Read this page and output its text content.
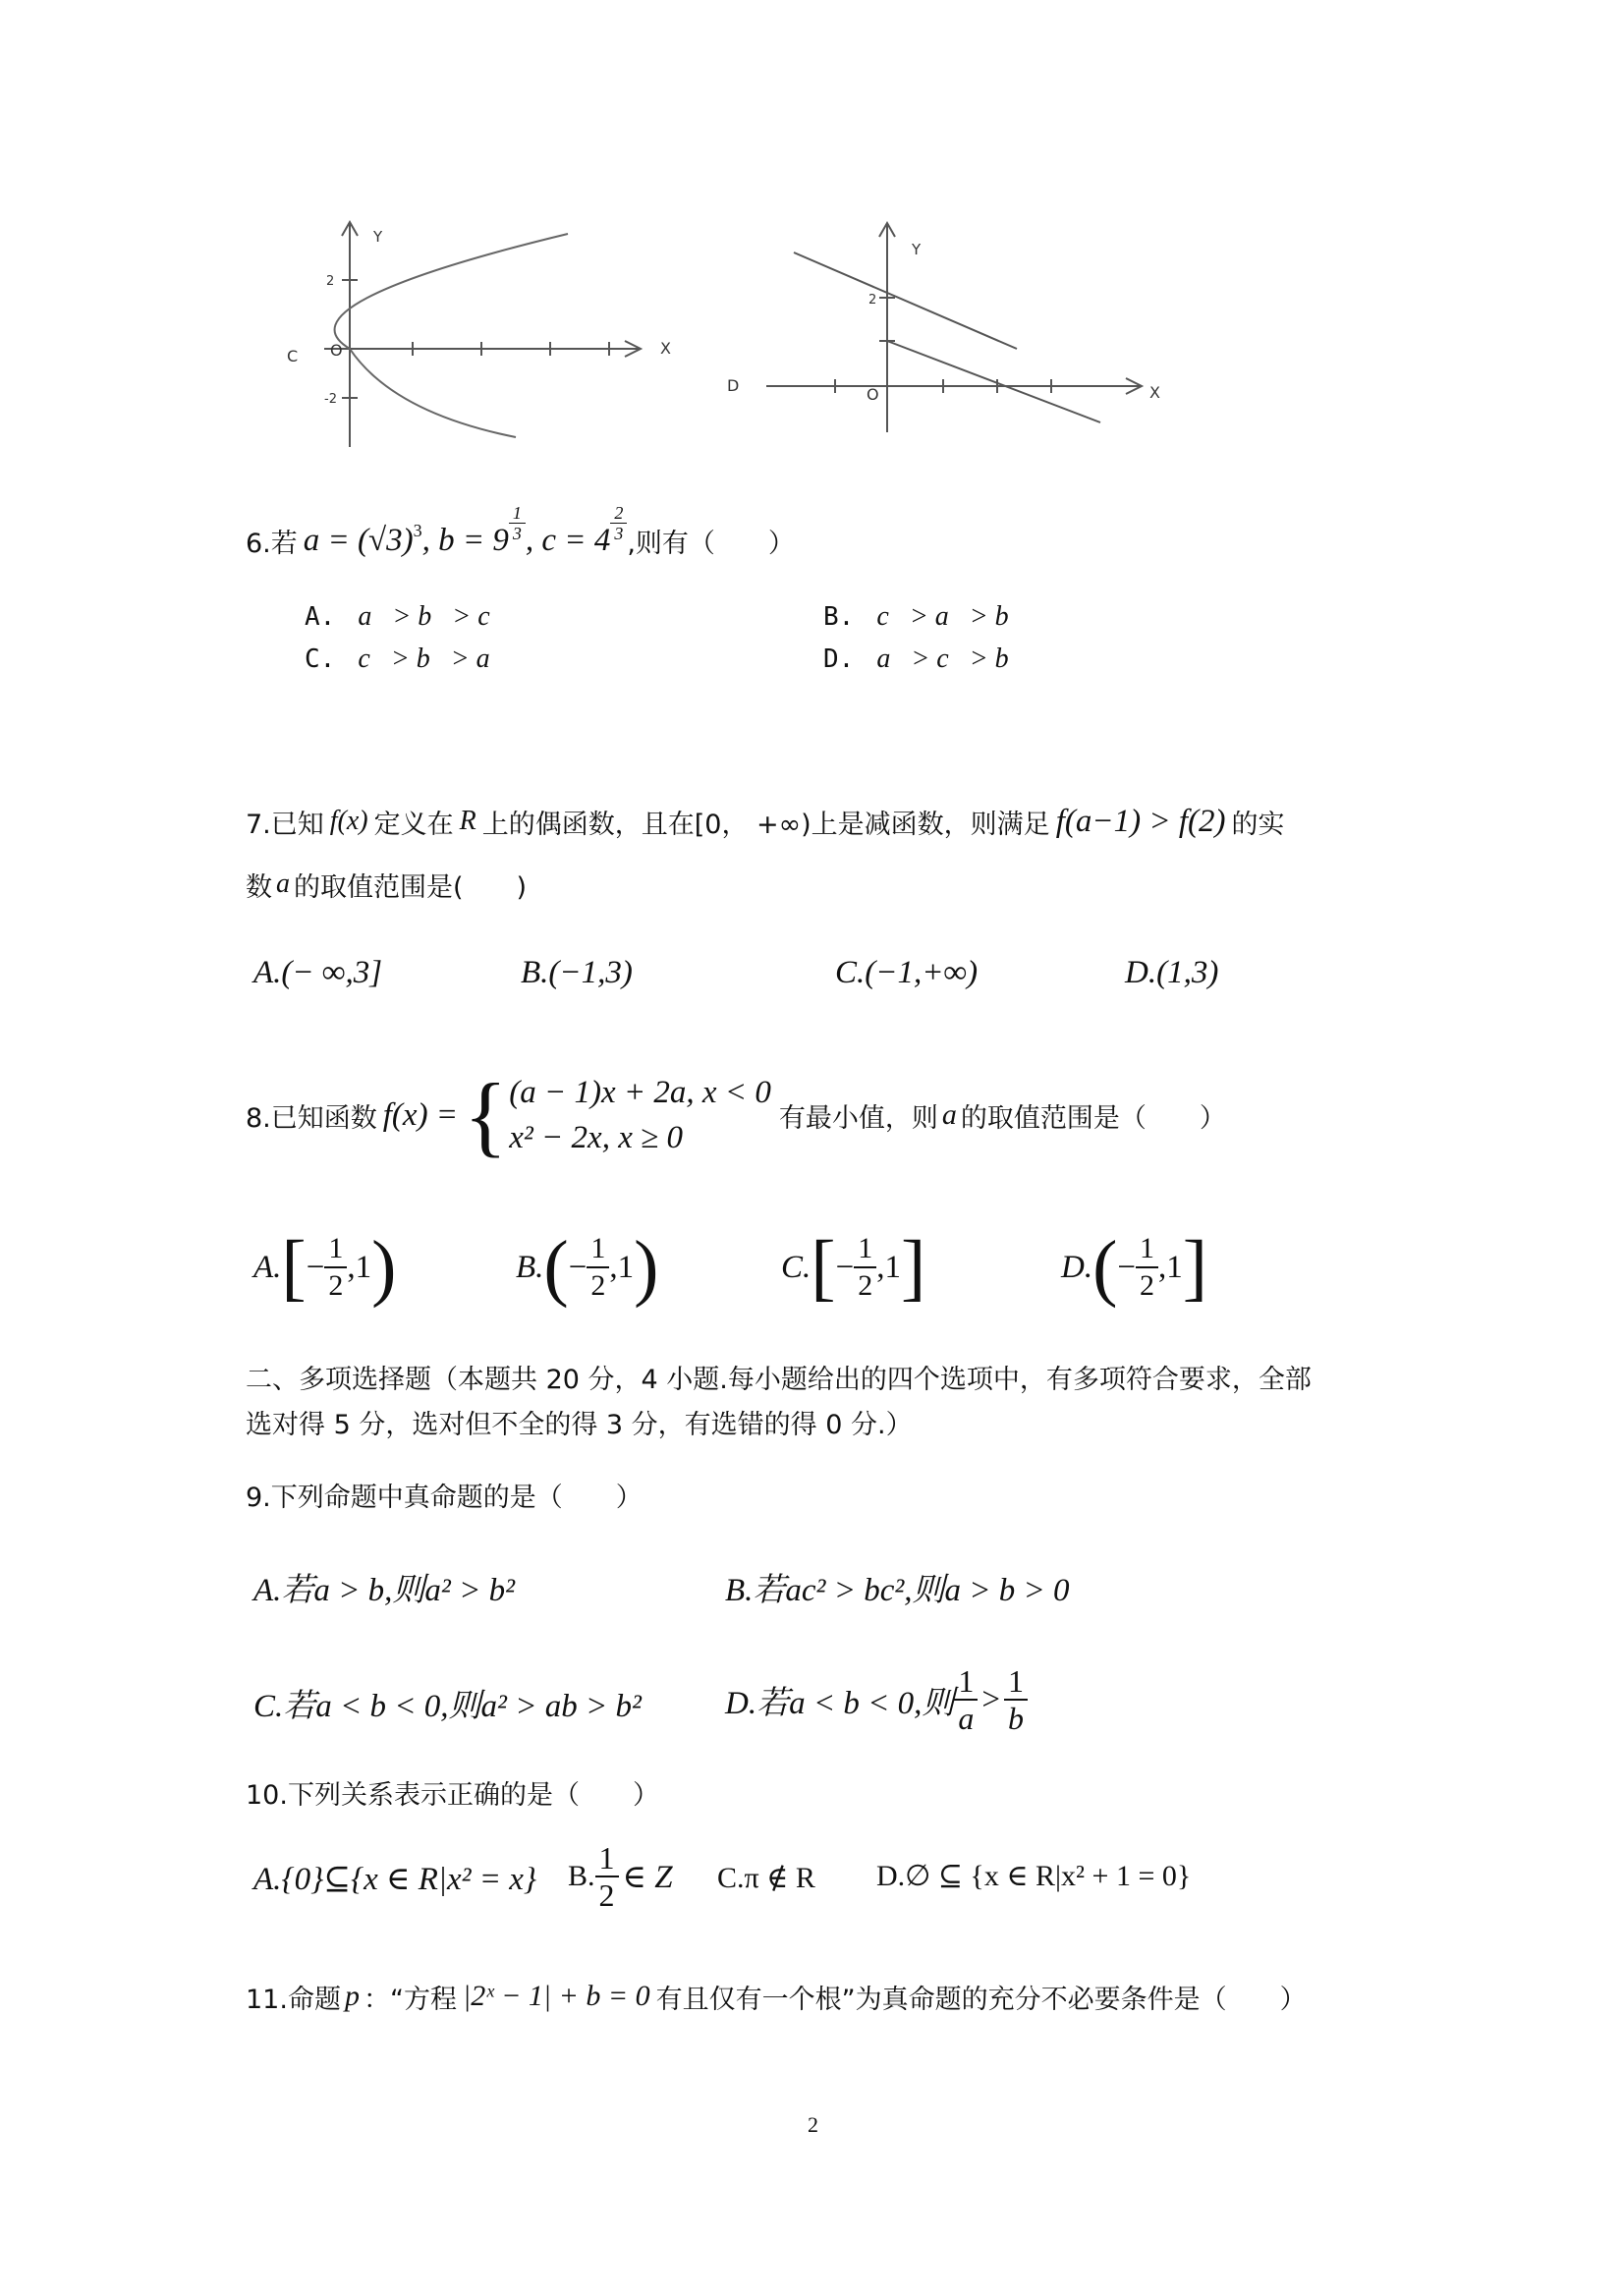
C
Y
X
O
2
-2
D
Y
X
O
2
6.若 $a = (√3)^3$ , $b = 9 \frac{1}{3}$ , $c = 4 \frac{2}{3}$
,则有（　　）
A. a   > b   > c	B. c   > a   > b
C. c   > b   > a	D. a   > c   > b
7.已知 f(x) 定义在 R 上的偶函数，且在[0， +∞)上是减函数，则满足 f(a−1) > f(2) 的实
数 a 的取值范围是(　　)
A.(− ∞,3]	B.(−1,3)	C.(−1,+∞)	D.(1,3)
8.已知函数 f(x) = { (a − 1)x + 2a, x < 0
x² − 2x, x ≥ 0
有最小值，则 a 的取值范围是（　　）
A. [ − $\frac{1}{2} ,1$ )	B. ( − $\frac{1}{2} ,1$ )	C. [ − $\frac{1}{2} ,1$ ]	D. ( − $\frac{1}{2} ,1$ ]
二、多项选择题（本题共 20 分，4 小题.每小题给出的四个选项中，有多项符合要求，全部
选对得 5 分，选对但不全的得 3 分，有选错的得 0 分.）
9.下列命题中真命题的是（　　）
A.若a > b,则a² > b²	B.若ac² > bc²,则a > b > 0
C.若a < b < 0,则a² > ab > b²	D.若a < b < 0,则 $\frac{1}{a} > \frac{1}{b}$
10.下列关系表示正确的是（　　）
A.{0}⊆{x ∈ R|x² = x} B. $\frac{1}{2}$ ∈ Z C.π ∉ R D.∅ ⊆ {x ∈ R|x² + 1 = 0}
11.命题 p ：“方程 |2ˣ − 1| + b = 0 有且仅有一个根”为真命题的充分不必要条件是（　　）
2
